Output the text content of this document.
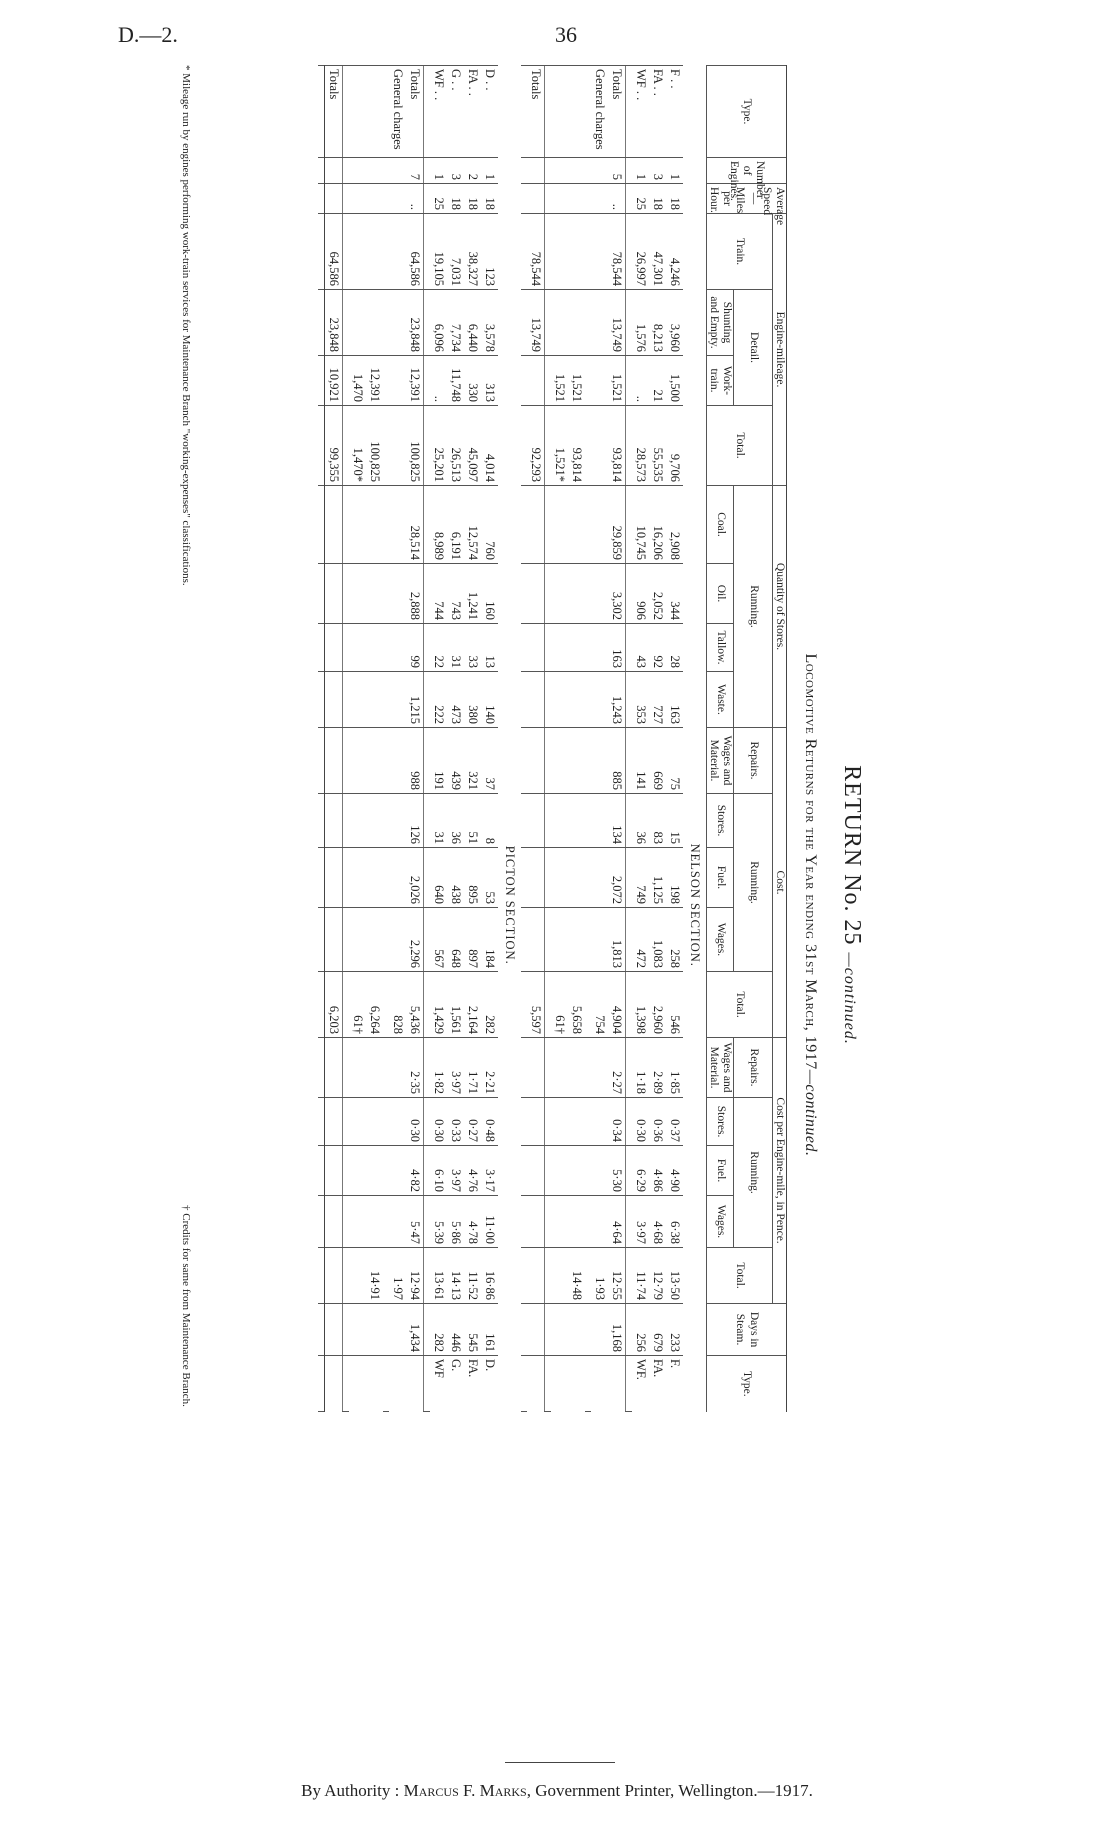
D.—2.	36
RETURN No. 25 —continued.
Locomotive Returns for the Year ending 31st March, 1917—continued.
Type.	Number of Engines.	Average Speed—Miles per Hour.	Engine-mileage.				Quantity of Stores.				Cost.					Cost per Engine-mile, in Pence.					Days in Steam.	Type.	
			Train.	Detail.		Total.	Running.				Repairs.	Running.			Total.	Repairs.	Running.			Total.			
				Shunting and Empty.	Work-train.		Coal.	Oil.	Tallow.	Waste.	Wages and Material.	Stores.	Fuel.	Wages.		Wages and Material.	Stores.	Fuel.	Wages.				
NELSON SECTION.																							
F . .	1	18	4,246	3,960	1,500	9,706	2,908	344	28	163	75	15	198	258	546	1·85	0·37	4·90	6·38	13·50	233	F.	
FA . .	3	18	47,301	8,213	21	55,535	16,206	2,052	92	727	669	83	1,125	1,083	2,960	2·89	0·36	4·86	4·68	12·79	679	FA.	
WF . .	1	25	26,997	1,576	..	28,573	10,745	906	43	353	141	36	749	472	1,398	1·18	0·30	6·29	3·97	11·74	256	WF.	

Totals	5	..	78,544	13,749	1,521	93,814	29,859	3,302	163	1,243	885	134	2,072	1,813	4,904	2·27	0·34	5·30	4·64	12·55	1,168		
General charges															754					1·93			

					1,521	93,814									5,658					14·48			
					1,521	1,521*									61†								

Totals			78,544	13,749		92,293									5,597								

PICTON SECTION.																							
D . .	1	18	123	3,578	313	4,014	760	160	13	140	37	8	53	184	282	2·21	0·48	3·17	11·00	16·86	161	D.	
FA . .	2	18	38,327	6,440	330	45,097	12,574	1,241	33	380	321	51	895	897	2,164	1·71	0·27	4·76	4·78	11·52	545	FA.	
G . .	3	18	7,031	7,734	11,748	26,513	6,191	743	31	473	439	36	438	648	1,561	3·97	0·33	3·97	5·86	14·13	446	G.	
WF . .	1	25	19,105	6,096	..	25,201	8,989	744	22	222	191	31	640	567	1,429	1·82	0·30	6·10	5·39	13·61	282	WF	

Totals	7	..	64,586	23,848	12,391	100,825	28,514	2,888	99	1,215	988	126	2,026	2,296	5,436	2·35	0·30	4·82	5·47	12·94	1,434		
General charges															828					1·97			

					12,391	100,825									6,264					14·91			
					1,470	1,470*									61†								

Totals			64,586	23,848	10,921	99,355									6,203								

* Mileage run by engines performing work-train services for Maintenance Branch "working-expenses" classifications.
† Credits for same from Maintenance Branch.
By Authority : Marcus F. Marks, Government Printer, Wellington.—1917.
